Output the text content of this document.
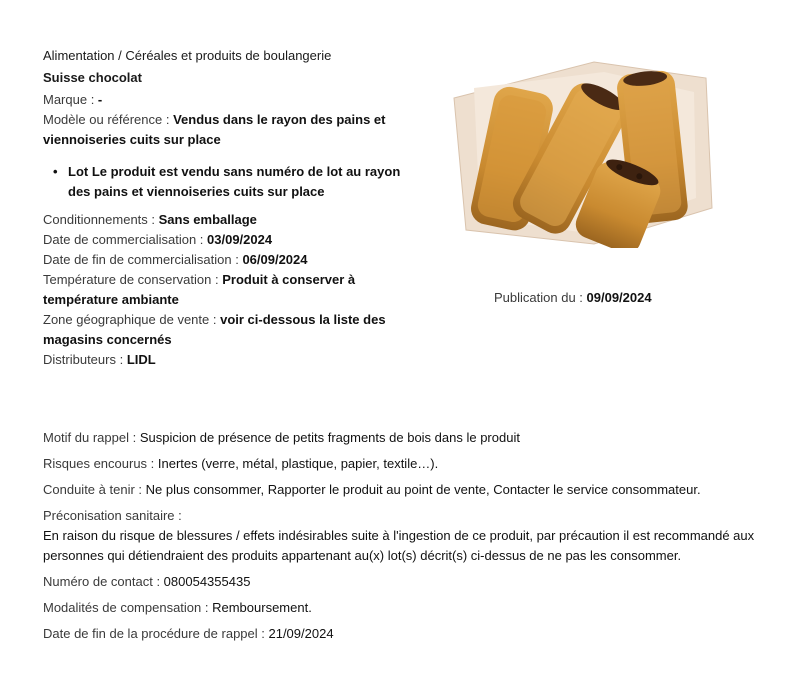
Alimentation / Céréales et produits de boulangerie
Suisse chocolat
Marque : -
Modèle ou référence : Vendus dans le rayon des pains et viennoiseries cuits sur place
• Lot Le produit est vendu sans numéro de lot au rayon des pains et viennoiseries cuits sur place
Conditionnements : Sans emballage
Date de commercialisation : 03/09/2024
Date de fin de commercialisation : 06/09/2024
Température de conservation : Produit à conserver à température ambiante
Zone géographique de vente : voir ci-dessous la liste des magasins concernés
Distributeurs : LIDL
Publication du : 09/09/2024
Motif du rappel : Suspicion de présence de petits fragments de bois dans le produit
Risques encourus : Inertes (verre, métal, plastique, papier, textile…).
Conduite à tenir : Ne plus consommer, Rapporter le produit au point de vente, Contacter le service consommateur.
Préconisation sanitaire :
En raison du risque de blessures / effets indésirables suite à l'ingestion de ce produit, par précaution il est recommandé aux personnes qui détiendraient des produits appartenant au(x) lot(s) décrit(s) ci-dessus de ne pas les consommer.
Numéro de contact : 080054355435
Modalités de compensation : Remboursement.
Date de fin de la procédure de rappel : 21/09/2024
